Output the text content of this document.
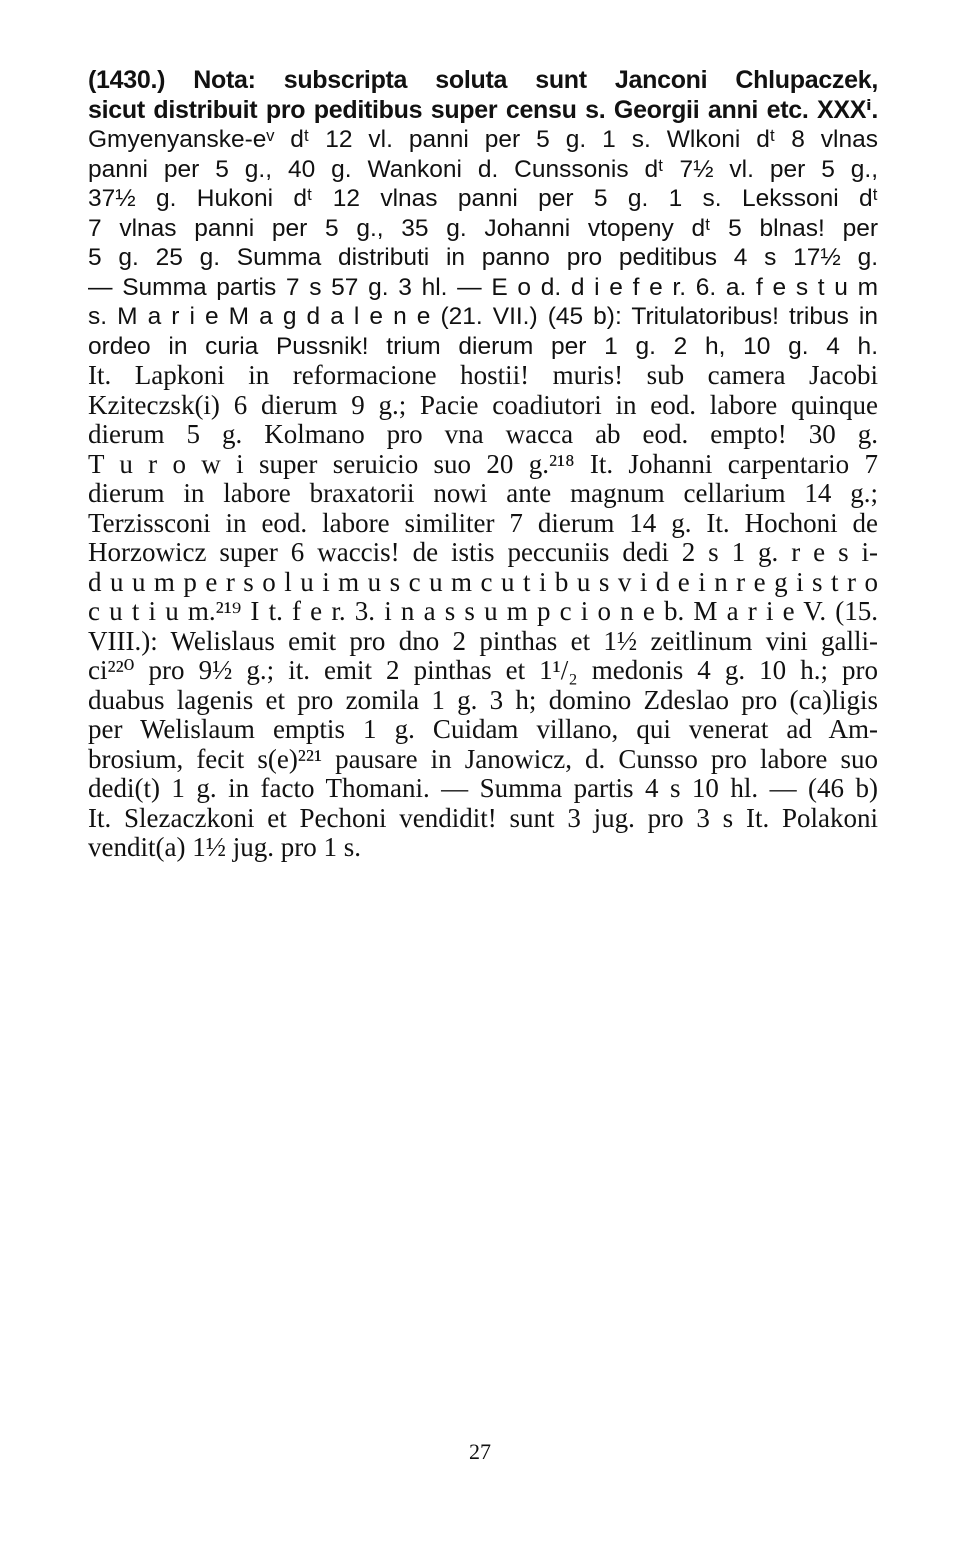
(1430.) Nota: subscripta soluta sunt Janconi Chlupaczek,
sicut distribuit pro peditibus super censu s. Georgii anni etc. XXXⁱ.
Gmyenyanske-eᵛ dᵗ 12 vl. panni per 5 g. 1 s. Wlkoni dᵗ 8 vlnas
panni per 5 g., 40 g. Wankoni d. Cunssonis dᵗ 7½ vl. per 5 g.,
37½ g. Hukoni dᵗ 12 vlnas panni per 5 g. 1 s. Lekssoni dᵗ
7 vlnas panni per 5 g., 35 g. Johanni vtopeny dᵗ 5 blnas! per
5 g. 25 g. Summa distributi in panno pro peditibus 4 s 17½ g.
— Summa partis 7 s 57 g. 3 hl. — E o d. d i e f e r. 6. a. f e s t u m
s. M a r i e M a g d a l e n e (21. VII.) (45 b): Tritulatoribus! tribus in
ordeo in curia Pussnik! trium dierum per 1 g. 2 h, 10 g. 4 h.
It. Lapkoni in reformacione hostii! muris! sub camera Jacobi
Kziteczsk(i) 6 dierum 9 g.; Pacie coadiutori in eod. labore quinque
dierum 5 g. Kolmano pro vna wacca ab eod. empto! 30 g.
T u r o w i super seruicio suo 20 g.²¹⁸ It. Johanni carpentario 7
dierum in labore braxatorii nowi ante magnum cellarium 14 g.;
Terzissconi in eod. labore similiter 7 dierum 14 g. It. Hochoni de
Horzowicz super 6 waccis! de istis peccuniis dedi 2 s 1 g. r e s i-
d u u m p e r s o l u i m u s c u m c u t i b u s v i d e i n r e g i s t r o
c u t i u m.²¹⁹ I t. f e r. 3. i n a s s u m p c i o n e b. M a r i e V. (15.
VIII.): Welislaus emit pro dno 2 pinthas et 1½ zeitlinum vini galli-
ci²²⁰ pro 9½ g.; it. emit 2 pinthas et 1¹/₂ medonis 4 g. 10 h.; pro
duabus lagenis et pro zomila 1 g. 3 h; domino Zdeslao pro (ca)ligis
per Welislaum emptis 1 g. Cuidam villano, qui venerat ad Am-
brosium, fecit s(e)²²¹ pausare in Janowicz, d. Cunsso pro labore suo
dedi(t) 1 g. in facto Thomani. — Summa partis 4 s 10 hl. — (46 b)
It. Slezaczkoni et Pechoni vendidit! sunt 3 jug. pro 3 s It. Polakoni
vendit(a) 1½ jug. pro 1 s.
27
